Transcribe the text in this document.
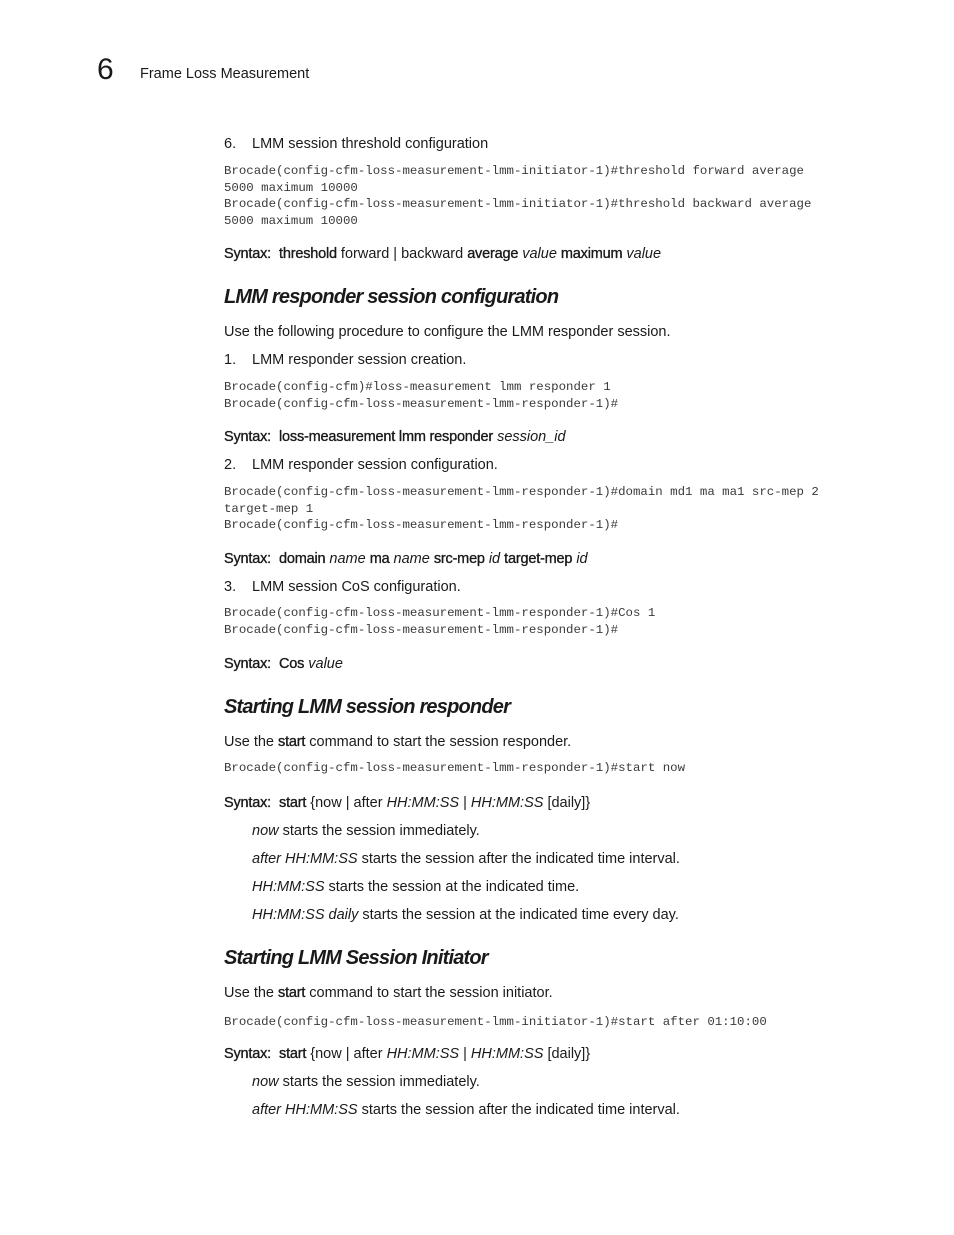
6 Frame Loss Measurement
6. LMM session threshold configuration
Brocade(config-cfm-loss-measurement-lmm-initiator-1)#threshold forward average
5000 maximum 10000
Brocade(config-cfm-loss-measurement-lmm-initiator-1)#threshold backward average
5000 maximum 10000
Syntax: threshold forward | backward average value maximum value
LMM responder session configuration
Use the following procedure to configure the LMM responder session.
1. LMM responder session creation.
Brocade(config-cfm)#loss-measurement lmm responder 1
Brocade(config-cfm-loss-measurement-lmm-responder-1)#
Syntax: loss-measurement lmm responder session_id
2. LMM responder session configuration.
Brocade(config-cfm-loss-measurement-lmm-responder-1)#domain md1 ma ma1 src-mep 2
target-mep 1
Brocade(config-cfm-loss-measurement-lmm-responder-1)#
Syntax: domain name ma name src-mep id target-mep id
3. LMM session CoS configuration.
Brocade(config-cfm-loss-measurement-lmm-responder-1)#Cos 1
Brocade(config-cfm-loss-measurement-lmm-responder-1)#
Syntax: Cos value
Starting LMM session responder
Use the start command to start the session responder.
Brocade(config-cfm-loss-measurement-lmm-responder-1)#start now
Syntax: start {now | after HH:MM:SS | HH:MM:SS [daily]}
now starts the session immediately.
after HH:MM:SS starts the session after the indicated time interval.
HH:MM:SS starts the session at the indicated time.
HH:MM:SS daily starts the session at the indicated time every day.
Starting LMM Session Initiator
Use the start command to start the session initiator.
Brocade(config-cfm-loss-measurement-lmm-initiator-1)#start after 01:10:00
Syntax: start {now | after HH:MM:SS | HH:MM:SS [daily]}
now starts the session immediately.
after HH:MM:SS starts the session after the indicated time interval.
